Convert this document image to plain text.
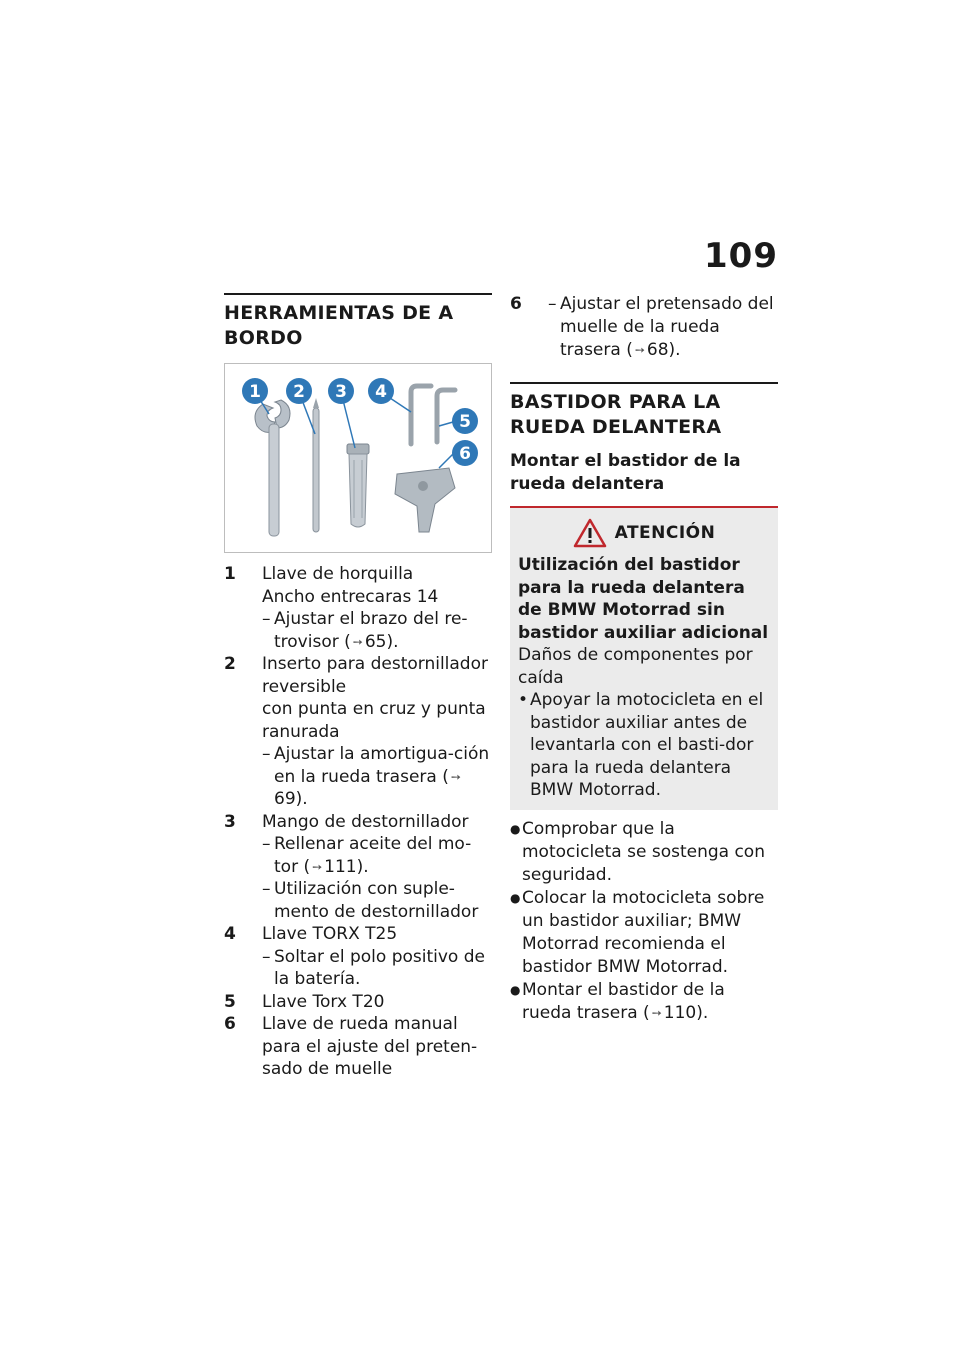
109
HERRAMIENTAS DE A BORDO
1 2 3 4
5
6
1	Llave de horquilla
Ancho entrecaras 14
– Ajustar el brazo del re-trovisor ( ➙ 65).
2	Inserto para destornillador reversible
con punta en cruz y punta ranurada
– Ajustar la amortigua-ción en la rueda trasera ( ➙69).
3	Mango de destornillador
– Rellenar aceite del mo-tor ( ➙ 111).
– Utilización con suple-mento de destornillador
4	Llave TORX T25
– Soltar el polo positivo de la batería.
5	Llave Torx T20
6	Llave de rueda manual para el ajuste del preten-sado de muelle
6	– Ajustar el pretensado del muelle de la rueda trasera ( ➙ 68).
BASTIDOR PARA LA RUEDA DELANTERA
Montar el bastidor de la rueda delantera
ATENCIÓN
Utilización del bastidor para la rueda delantera de BMW Motorrad sin bastidor auxiliar adicional
Daños de componentes por caída
• Apoyar la motocicleta en el bastidor auxiliar antes de levantarla con el basti-dor para la rueda delantera BMW Motorrad.
● Comprobar que la motocicleta se sostenga con seguridad.
● Colocar la motocicleta sobre un bastidor auxiliar; BMW Motorrad recomienda el bastidor BMW Motorrad.
● Montar el bastidor de la rueda trasera ( ➙ 110).
